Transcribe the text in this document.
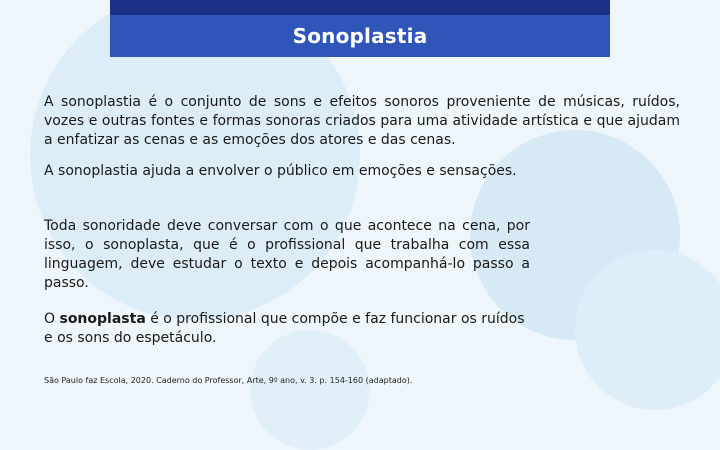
Sonoplastia

A sonoplastia é o conjunto de sons e efeitos sonoros proveniente de músicas, ruídos, vozes e outras fontes e formas sonoras criados para uma atividade artística e que ajudam a enfatizar as cenas e as emoções dos atores e das cenas.

A sonoplastia ajuda a envolver o público em emoções e sensações.

Toda sonoridade deve conversar com o que acontece na cena, por isso, o sonoplasta, que é o profissional que trabalha com essa linguagem, deve estudar o texto e depois acompanhá-lo passo a passo.

O sonoplasta é o profissional que compõe e faz funcionar os ruídos e os sons do espetáculo.

São Paulo faz Escola, 2020. Caderno do Professor, Arte, 9º ano, v. 3. p. 154-160 (adaptado).
